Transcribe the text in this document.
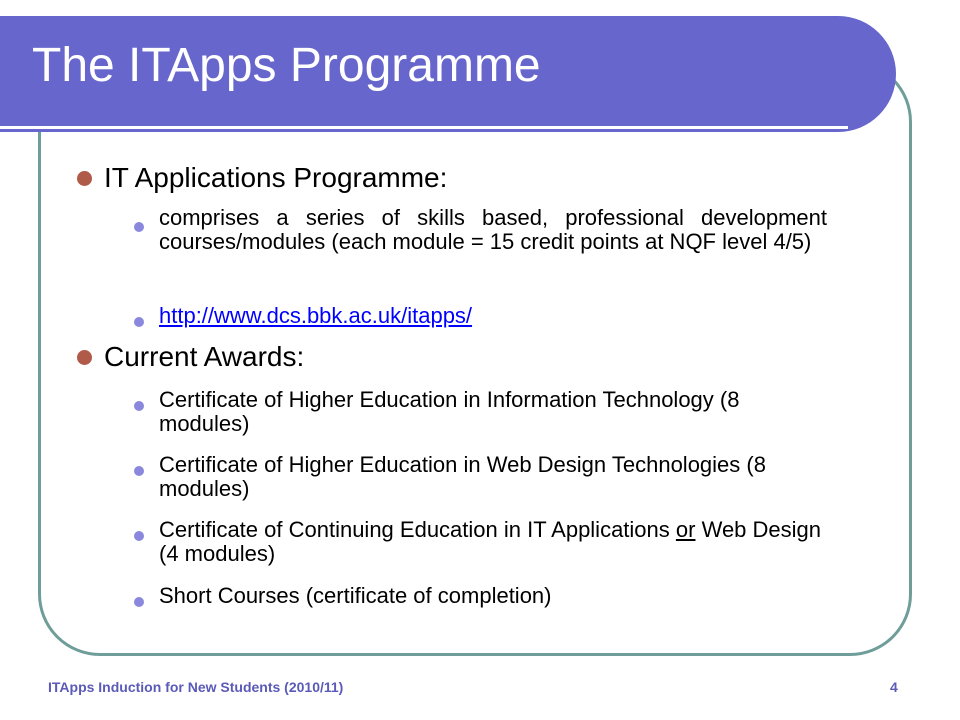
The ITApps Programme

IT Applications Programme:

comprises a series of skills based, professional development courses/modules (each module = 15 credit points at NQF level 4/5)

http://www.dcs.bbk.ac.uk/itapps/

Current Awards:

Certificate of Higher Education in Information Technology (8 modules)

Certificate of Higher Education in Web Design Technologies (8 modules)

Certificate of Continuing Education in IT Applications or Web Design (4 modules)

Short Courses (certificate of completion)

ITApps Induction for New Students (2010/11)	4
